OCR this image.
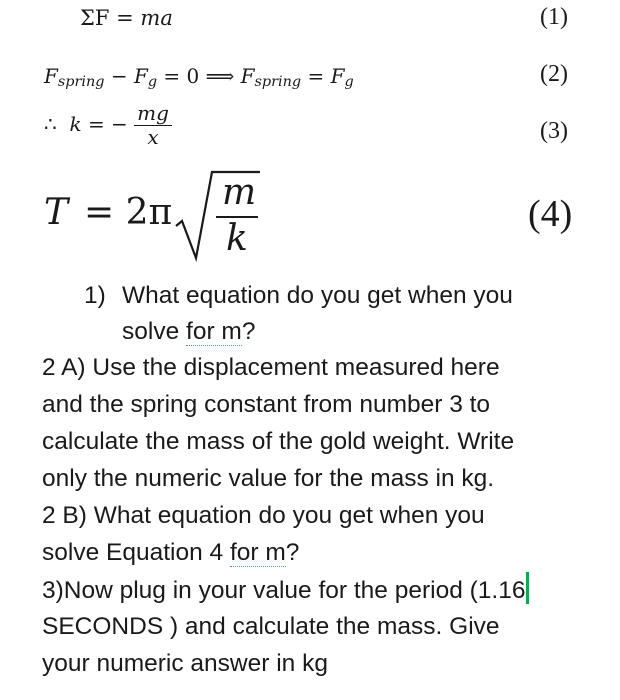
ΣF = ma	(1)
Fspring − Fg = 0 ⟹ Fspring = Fg	(2)
∴ k = − $\frac{mg}{x}$	(3)
T = 2π m
k
(4)
1) What equation do you get when you
solve for m?
2 A) Use the displacement measured here
and the spring constant from number 3 to
calculate the mass of the gold weight. Write
only the numeric value for the mass in kg.
2 B) What equation do you get when you
solve Equation 4 for m?
3)Now plug in your value for the period (1.16
SECONDS ) and calculate the mass. Give
your numeric answer in kg
